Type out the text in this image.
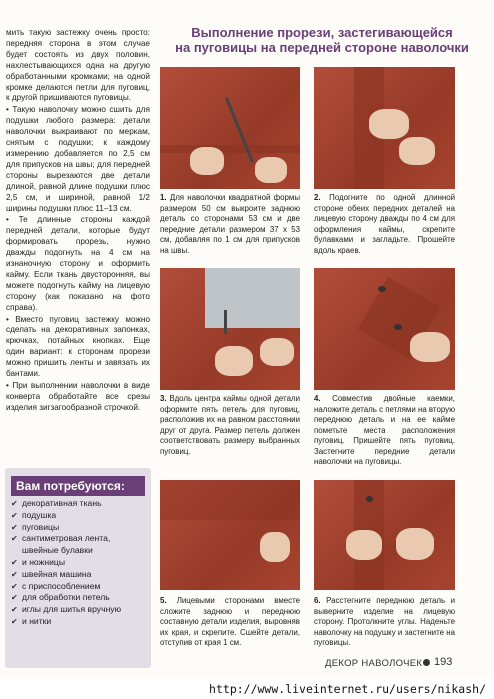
мить такую застежку очень просто: передняя сторона в этом случае будет состоять из двух половин, нахлестывающихся одна на другую обработанными кромками; на одной кромке делаются петли для пуговиц, к другой пришиваются пуговицы.

• Такую наволочку можно сшить для подушки любого размера: детали наволочки выкраивают по меркам, снятым с подушки; к каждому измерению добавляется по 2,5 см для припусков на швы; для передней стороны вырезаются две детали длиной, равной длине подушки плюс 2,5 см, и шириной, равной 1/2 ширины подушки плюс 11–13 см.

• Те длинные стороны каждой передней детали, которые будут формировать прорезь, нужно дважды подогнуть на 4 см на изнаночную сторону и оформить кайму. Если ткань двусторонняя, вы можете подогнуть кайму на лицевую сторону (как показано на фото справа).

• Вместо пуговиц застежку можно сделать на декоративных запонках, крючках, потайных кнопках. Еще один вариант: к сторонам прорези можно пришить ленты и завязать их бантами.

• При выполнении наволочки в виде конверта обработайте все срезы изделия зигзагообразной строчкой.

Вам потребуются:
✔ декоративная ткань
✔ подушка
✔ пуговицы
✔ сантиметровая лента, швейные булавки
✔ и ножницы
✔ швейная машина
✔ с приспособлением
✔ для обработки петель
✔ иглы для шитья вручную
✔ и нитки
Выполнение прорези, застегивающейся
на пуговицы на передней стороне наволочки
1. Для наволочки квадратной формы размером 50 см выкроите заднюю деталь со сторонами 53 см и две передние детали размером 37 х 53 см, добавляя по 1 см для припусков на швы.
2. Подогните по одной длинной стороне обеих передних деталей на лицевую сторону дважды по 4 см для оформления каймы, скрепите булавками и загладьте. Прошейте вдоль краев.
3. Вдоль центра каймы одной детали оформите пять петель для пуговиц, расположив их на равном расстоянии друг от друга. Размер петель должен соответствовать размеру выбранных пуговиц.
4. Совместив двойные каемки, наложите деталь с петлями на вторую переднюю деталь и на ее кайме пометьте места расположения пуговиц. Пришейте пять пуговиц. Застегните передние детали наволочки на пуговицы.
5. Лицевыми сторонами вместе сложите заднюю и переднюю составную детали изделия, выровняв их края, и скрепите. Сшейте детали, отступив от края 1 см.
6. Расстегните переднюю деталь и выверните изделие на лицевую сторону. Протолкните углы. Наденьте наволочку на подушку и застегните на пуговицы.
ДЕКОР НАВОЛОЧЕК 193
http://www.liveinternet.ru/users/nikash/
